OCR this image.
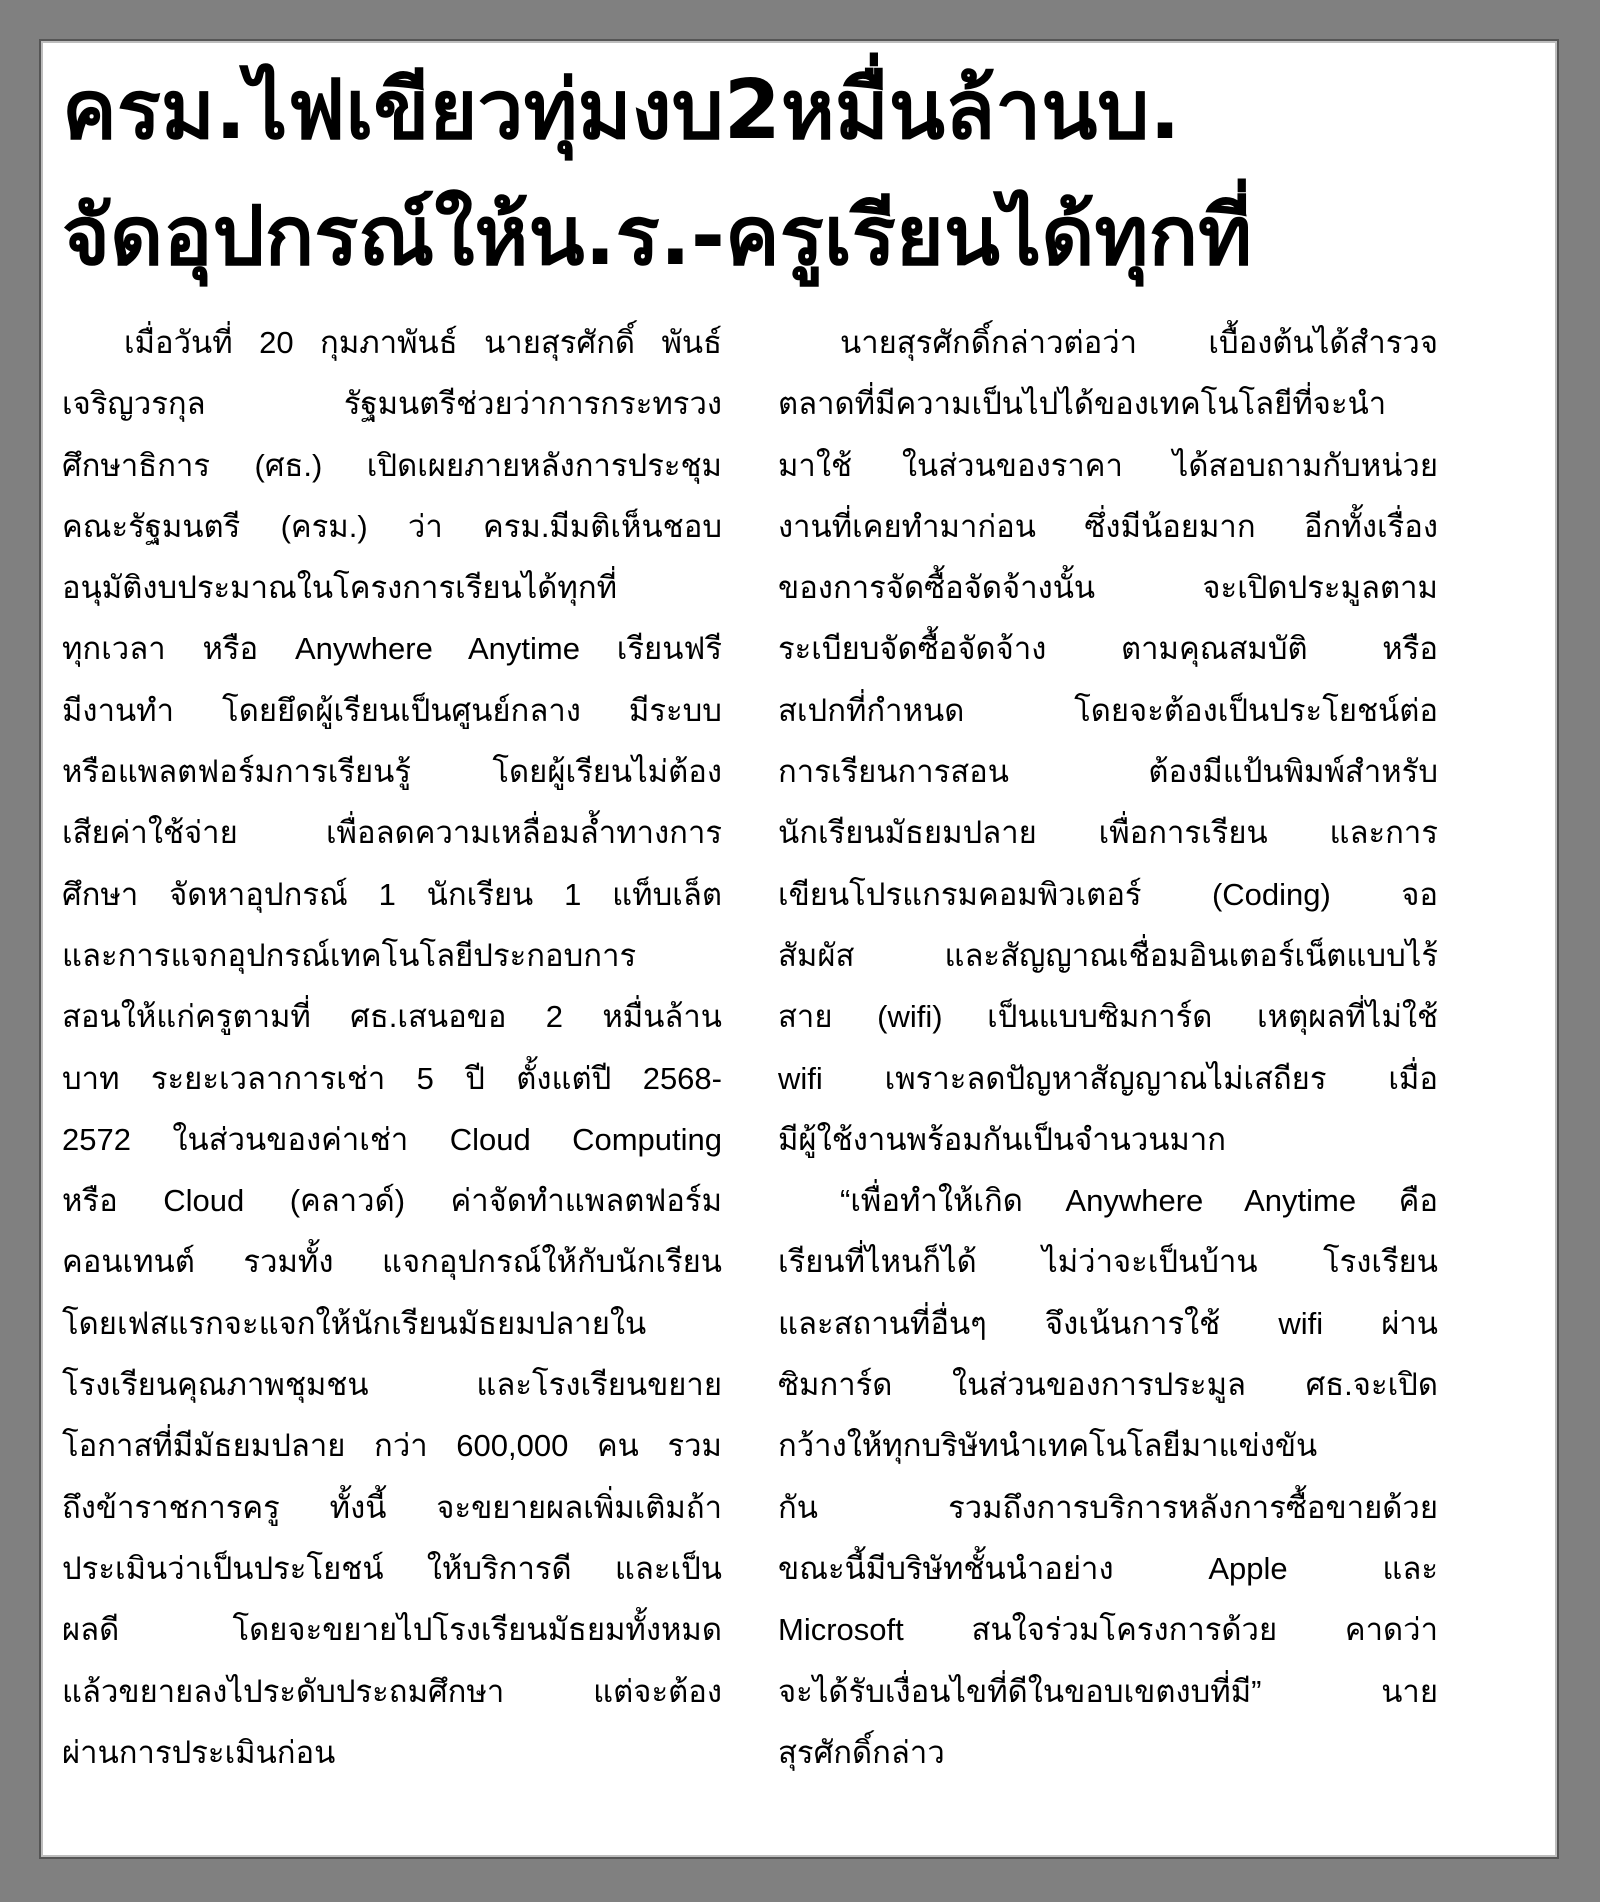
ครม.ไฟเขียวทุ่มงบ2หมื่นล้านบ.
จัดอุปกรณ์ให้น.ร.-ครูเรียนได้ทุกที่
เมื่อวันที่ 20 กุมภาพันธ์ นายสุรศักดิ์ พันธ์
เจริญวรกุล รัฐมนตรีช่วยว่าการกระทรวง
ศึกษาธิการ (ศธ.) เปิดเผยภายหลังการประชุม
คณะรัฐมนตรี (ครม.) ว่า ครม.มีมติเห็นชอบ
อนุมัติงบประมาณในโครงการเรียนได้ทุกที่
ทุกเวลา หรือ Anywhere Anytime เรียนฟรี
มีงานทำ โดยยึดผู้เรียนเป็นศูนย์กลาง มีระบบ
หรือแพลตฟอร์มการเรียนรู้ โดยผู้เรียนไม่ต้อง
เสียค่าใช้จ่าย เพื่อลดความเหลื่อมล้ำทางการ
ศึกษา จัดหาอุปกรณ์ 1 นักเรียน 1 แท็บเล็ต
และการแจกอุปกรณ์เทคโนโลยีประกอบการ
สอนให้แก่ครูตามที่ ศธ.เสนอขอ 2 หมื่นล้าน
บาท ระยะเวลาการเช่า 5 ปี ตั้งแต่ปี 2568-
2572 ในส่วนของค่าเช่า Cloud Computing
หรือ Cloud (คลาวด์) ค่าจัดทำแพลตฟอร์ม
คอนเทนต์ รวมทั้ง แจกอุปกรณ์ให้กับนักเรียน
โดยเฟสแรกจะแจกให้นักเรียนมัธยมปลายใน
โรงเรียนคุณภาพชุมชน และโรงเรียนขยาย
โอกาสที่มีมัธยมปลาย กว่า 600,000 คน รวม
ถึงข้าราชการครู ทั้งนี้ จะขยายผลเพิ่มเติมถ้า
ประเมินว่าเป็นประโยชน์ ให้บริการดี และเป็น
ผลดี โดยจะขยายไปโรงเรียนมัธยมทั้งหมด
แล้วขยายลงไประดับประถมศึกษา แต่จะต้อง
ผ่านการประเมินก่อน
นายสุรศักดิ์กล่าวต่อว่า เบื้องต้นได้สำรวจ
ตลาดที่มีความเป็นไปได้ของเทคโนโลยีที่จะนำ
มาใช้ ในส่วนของราคา ได้สอบถามกับหน่วย
งานที่เคยทำมาก่อน ซึ่งมีน้อยมาก อีกทั้งเรื่อง
ของการจัดซื้อจัดจ้างนั้น จะเปิดประมูลตาม
ระเบียบจัดซื้อจัดจ้าง ตามคุณสมบัติ หรือ
สเปกที่กำหนด โดยจะต้องเป็นประโยชน์ต่อ
การเรียนการสอน ต้องมีแป้นพิมพ์สำหรับ
นักเรียนมัธยมปลาย เพื่อการเรียน และการ
เขียนโปรแกรมคอมพิวเตอร์ (Coding) จอ
สัมผัส และสัญญาณเชื่อมอินเตอร์เน็ตแบบไร้
สาย (wifi) เป็นแบบซิมการ์ด เหตุผลที่ไม่ใช้
wifi เพราะลดปัญหาสัญญาณไม่เสถียร เมื่อ
มีผู้ใช้งานพร้อมกันเป็นจำนวนมาก
“เพื่อทำให้เกิด Anywhere Anytime คือ
เรียนที่ไหนก็ได้ ไม่ว่าจะเป็นบ้าน โรงเรียน
และสถานที่อื่นๆ จึงเน้นการใช้ wifi ผ่าน
ซิมการ์ด ในส่วนของการประมูล ศธ.จะเปิด
กว้างให้ทุกบริษัทนำเทคโนโลยีมาแข่งขัน
กัน รวมถึงการบริการหลังการซื้อขายด้วย
ขณะนี้มีบริษัทชั้นนำอย่าง Apple และ
Microsoft สนใจร่วมโครงการด้วย คาดว่า
จะได้รับเงื่อนไขที่ดีในขอบเขตงบที่มี” นาย
สุรศักดิ์กล่าว
